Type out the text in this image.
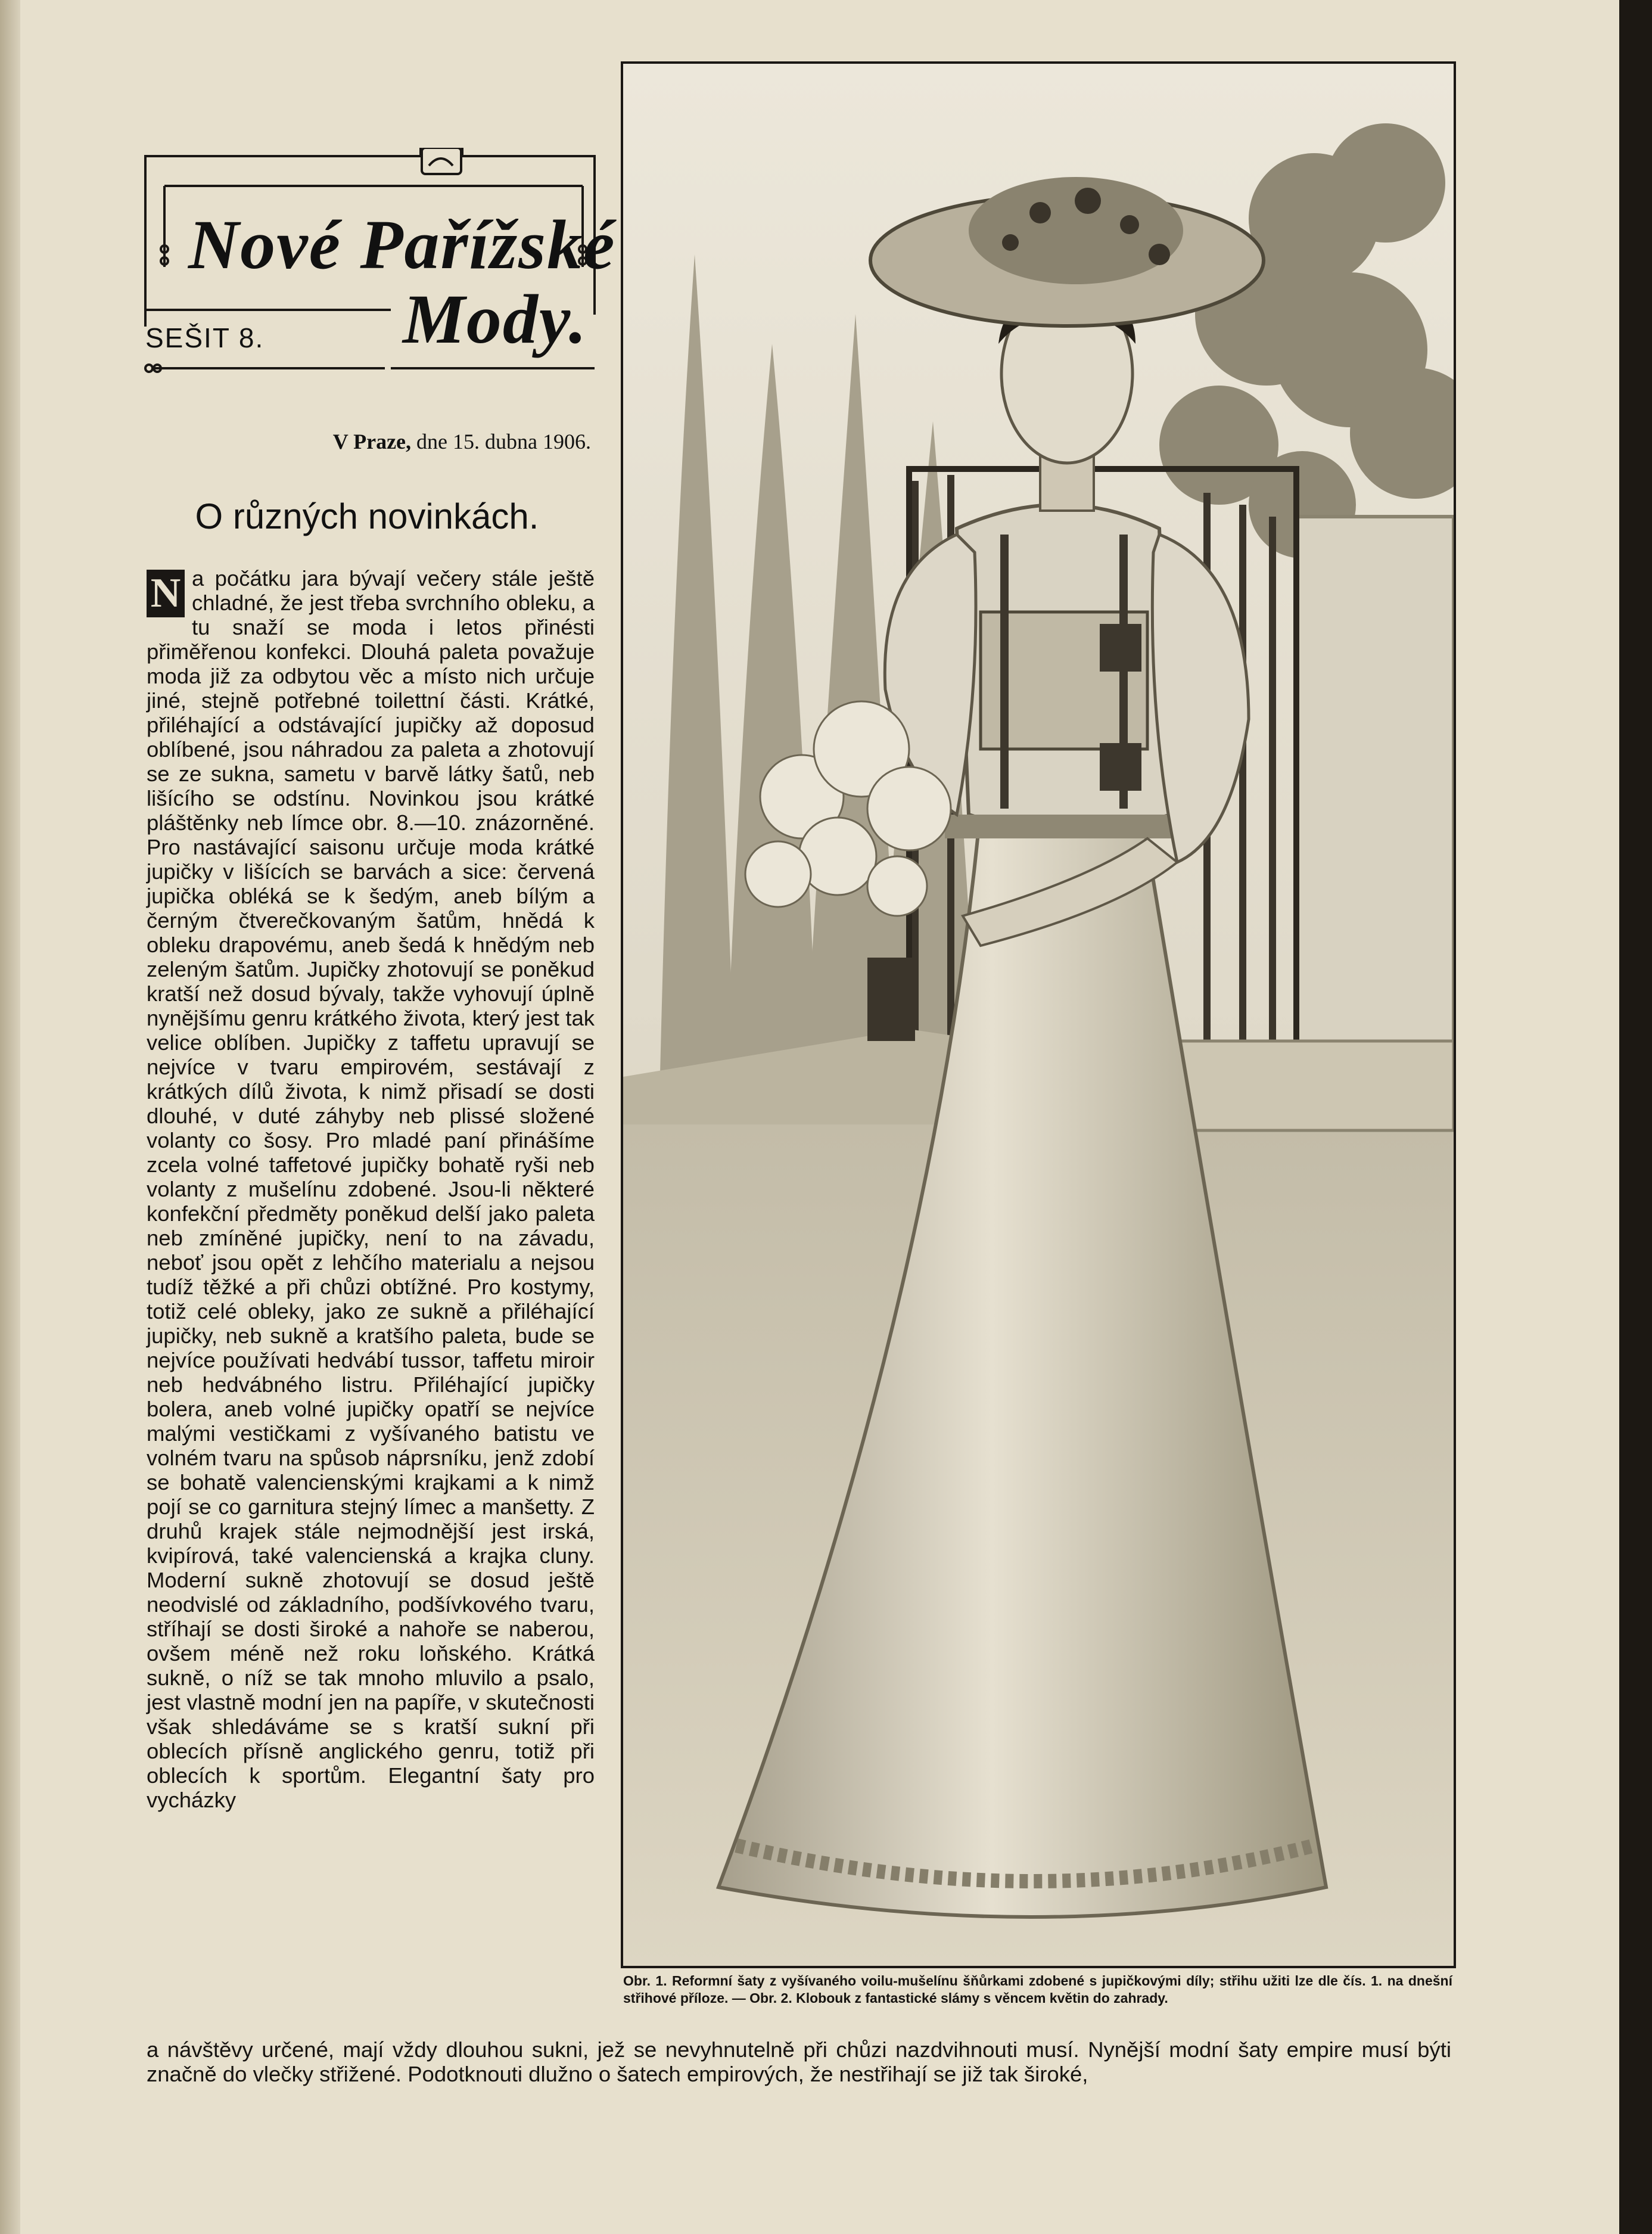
Nové Pařížské
Mody.
SEŠIT 8.
V Praze, dne 15. dubna 1906.
O různých novinkách.
N a počátku jara bývají večery stále ještě chladné, že jest třeba svrchního obleku, a tu snaží se moda i letos přinésti přiměřenou konfekci. Dlouhá paleta považuje moda již za odbytou věc a místo nich určuje jiné, stejně potřebné toilettní části. Krátké, přiléhající a odstávající jupičky až doposud oblíbené, jsou náhradou za paleta a zhotovují se ze sukna, sametu v barvě látky šatů, neb lišícího se odstínu. Novinkou jsou krátké pláštěnky neb límce obr. 8.—10. znázorněné. Pro nastávající saisonu určuje moda krátké jupičky v lišících se barvách a sice: červená jupička obléká se k šedým, aneb bílým a černým čtverečkovaným šatům, hnědá k obleku drapovému, aneb šedá k hnědým neb zeleným šatům. Jupičky zhotovují se poněkud kratší než dosud bývaly, takže vyhovují úplně nynějšímu genru krátkého života, který jest tak velice oblíben. Jupičky z taffetu upravují se nejvíce v tvaru empirovém, sestávají z krátkých dílů života, k nimž přisadí se dosti dlouhé, v duté záhyby neb plissé složené volanty co šosy. Pro mladé paní přinášíme zcela volné taffetové jupičky bohatě ryši neb volanty z mušelínu zdobené. Jsou-li některé konfekční předměty poněkud delší jako paleta neb zmíněné jupičky, není to na závadu, neboť jsou opět z lehčího materialu a nejsou tudíž těžké a při chůzi obtížné. Pro kostymy, totiž celé obleky, jako ze sukně a přiléhající jupičky, neb sukně a kratšího paleta, bude se nejvíce používati hedvábí tussor, taffetu miroir neb hedvábného listru. Přiléhající jupičky bolera, aneb volné jupičky opatří se nejvíce malými vestičkami z vyšívaného batistu ve volném tvaru na spůsob náprsníku, jenž zdobí se bohatě valencienskými krajkami a k nimž pojí se co garnitura stejný límec a manšetty. Z druhů krajek stále nejmodnější jest irská, kvipírová, také valencienská a krajka cluny. Moderní sukně zhotovují se dosud ještě neodvislé od základního, podšívkového tvaru, stříhají se dosti široké a nahoře se naberou, ovšem méně než roku loňského. Krátká sukně, o níž se tak mnoho mluvilo a psalo, jest vlastně modní jen na papíře, v skutečnosti však shledáváme se s kratší sukní při oblecích přísně anglického genru, totiž při oblecích k sportům. Elegantní šaty pro vycházky
a návštěvy určené, mají vždy dlouhou sukni, jež se nevyhnutelně při chůzi nazdvihnouti musí. Nynější modní šaty empire musí býti značně do vlečky střižené. Podotknouti dlužno o šatech empirových, že nestřihají se již tak široké,
Obr. 1. Reformní šaty z vyšívaného voilu-mušelínu šňůrkami zdobené s jupičkovými díly; střihu užiti lze dle čís. 1. na dnešní střihové příloze. — Obr. 2. Klobouk z fantastické slámy s věncem květin do zahrady.
